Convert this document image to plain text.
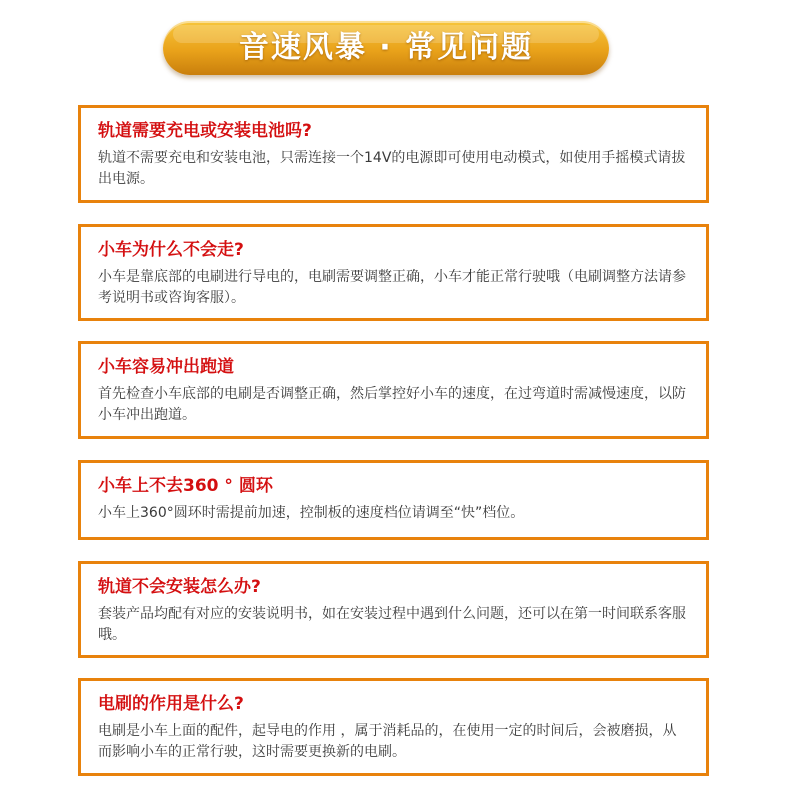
音速风暴 · 常见问题
轨道需要充电或安装电池吗?
轨道不需要充电和安装电池，只需连接一个14V的电源即可使用电动模式，如使用手摇模式请拔出电源。
小车为什么不会走?
小车是靠底部的电刷进行导电的，电刷需要调整正确，小车才能正常行驶哦（电刷调整方法请参考说明书或咨询客服）。
小车容易冲出跑道
首先检查小车底部的电刷是否调整正确，然后掌控好小车的速度，在过弯道时需减慢速度，以防小车冲出跑道。
小车上不去360 ° 圆环
小车上360°圆环时需提前加速，控制板的速度档位请调至“快”档位。
轨道不会安装怎么办?
套装产品均配有对应的安装说明书，如在安装过程中遇到什么问题，还可以在第一时间联系客服哦。
电刷的作用是什么?
电刷是小车上面的配件，起导电的作用 ，属于消耗品的，在使用一定的时间后，会被磨损，从而影响小车的正常行驶，这时需要更换新的电刷。
